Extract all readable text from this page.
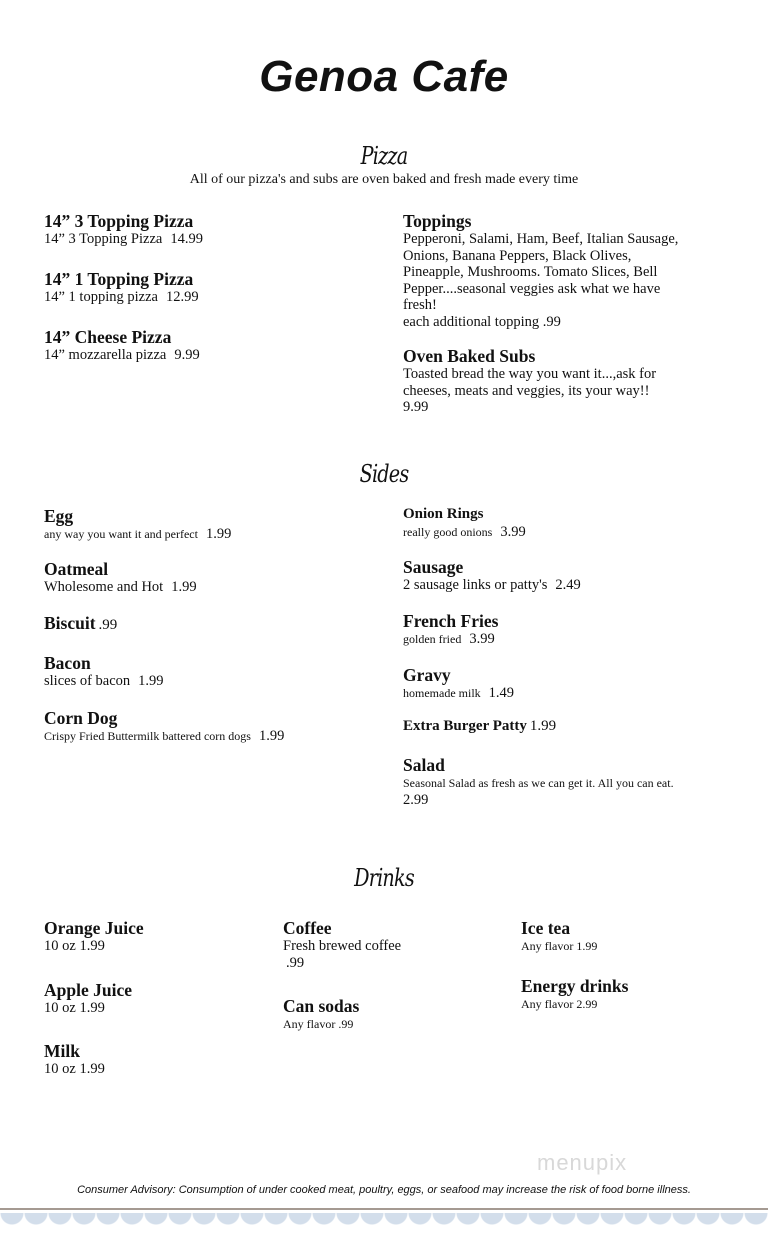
Genoa Cafe
Pizza
All of our pizza's and subs are oven baked and fresh made every time
14” 3 Topping Pizza
14” 3 Topping Pizza 14.99
14” 1 Topping Pizza
14” 1 topping pizza 12.99
14” Cheese Pizza
14” mozzarella pizza 9.99
Toppings
Pepperoni, Salami, Ham, Beef, Italian Sausage,
Onions, Banana Peppers, Black Olives,
Pineapple, Mushrooms. Tomato Slices, Bell
Pepper....seasonal veggies ask what we have
fresh!
each additional topping .99
Oven Baked Subs
Toasted bread the way you want it...,ask for
cheeses, meats and veggies, its your way!!
9.99
Sides
Egg
any way you want it and perfect 1.99
Oatmeal
Wholesome and Hot 1.99
Biscuit .99
Bacon
slices of bacon 1.99
Corn Dog
Crispy Fried Buttermilk battered corn dogs 1.99
Onion Rings
really good onions 3.99
Sausage
2 sausage links or patty's 2.49
French Fries
golden fried 3.99
Gravy
homemade milk 1.49
Extra Burger Patty 1.99
Salad
Seasonal Salad as fresh as we can get it. All you can eat.
2.99
Drinks
Orange Juice
10 oz 1.99
Apple Juice
10 oz 1.99
Milk
10 oz 1.99
Coffee
Fresh brewed coffee
.99
Can sodas
Any flavor .99
Ice tea
Any flavor 1.99
Energy drinks
Any flavor 2.99
menupix
Consumer Advisory: Consumption of under cooked meat, poultry, eggs, or seafood may increase the risk of food borne illness.
